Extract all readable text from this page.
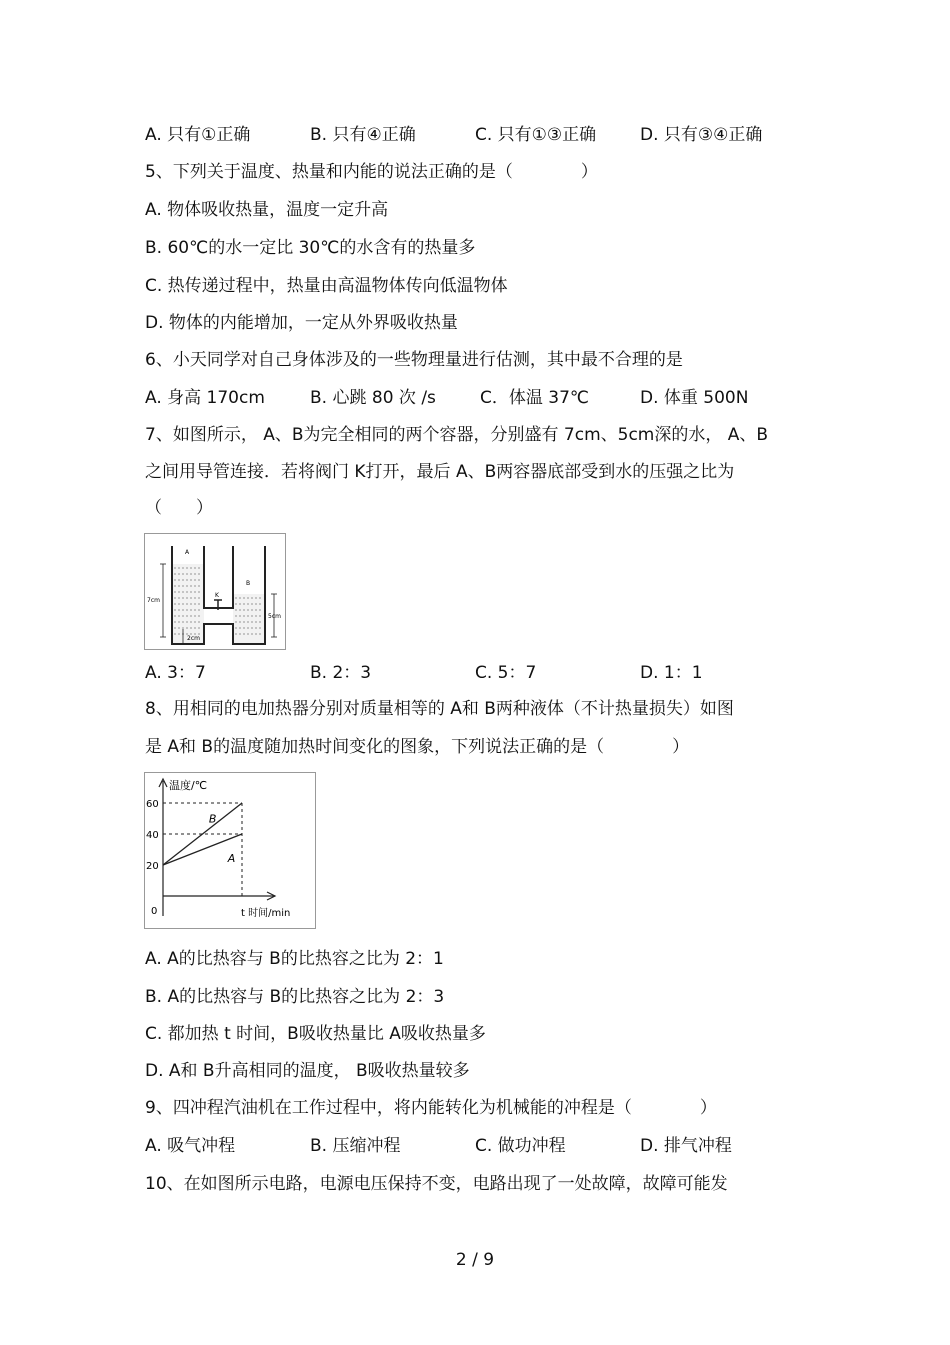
A. 只有①正确	B. 只有④正确	C. 只有①③正确	D. 只有③④正确
5、下列关于温度、热量和内能的说法正确的是（　　　　）
A. 物体吸收热量，温度一定升高
B. 60℃的水一定比 30℃的水含有的热量多
C. 热传递过程中，热量由高温物体传向低温物体
D. 物体的内能增加，一定从外界吸收热量
6、小天同学对自己身体涉及的一些物理量进行估测，其中最不合理的是
A. 身高 170cm	B. 心跳 80 次 /s	C．体温 37℃	D. 体重 500N
7、如图所示， A、B为完全相同的两个容器，分别盛有 7cm、5cm深的水， A、B
之间用导管连接．若将阀门 K打开，最后 A、B两容器底部受到水的压强之比为
（　　）
K
A
B
7cm
5cm
2cm
A. 3：7	B. 2：3	C. 5：7	D. 1：1
8、用相同的电加热器分别对质量相等的 A和 B两种液体（不计热量损失）如图
是 A和 B的温度随加热时间变化的图象，下列说法正确的是（　　　　）
20
40
60
A
B
温度/℃
t 时间/min
0
A. A的比热容与 B的比热容之比为 2：1
B. A的比热容与 B的比热容之比为 2：3
C. 都加热 t 时间，B吸收热量比 A吸收热量多
D. A和 B升高相同的温度， B吸收热量较多
9、四冲程汽油机在工作过程中，将内能转化为机械能的冲程是（　　　　）
A. 吸气冲程	B. 压缩冲程	C. 做功冲程	D. 排气冲程
10、在如图所示电路，电源电压保持不变，电路出现了一处故障，故障可能发
2 / 9
